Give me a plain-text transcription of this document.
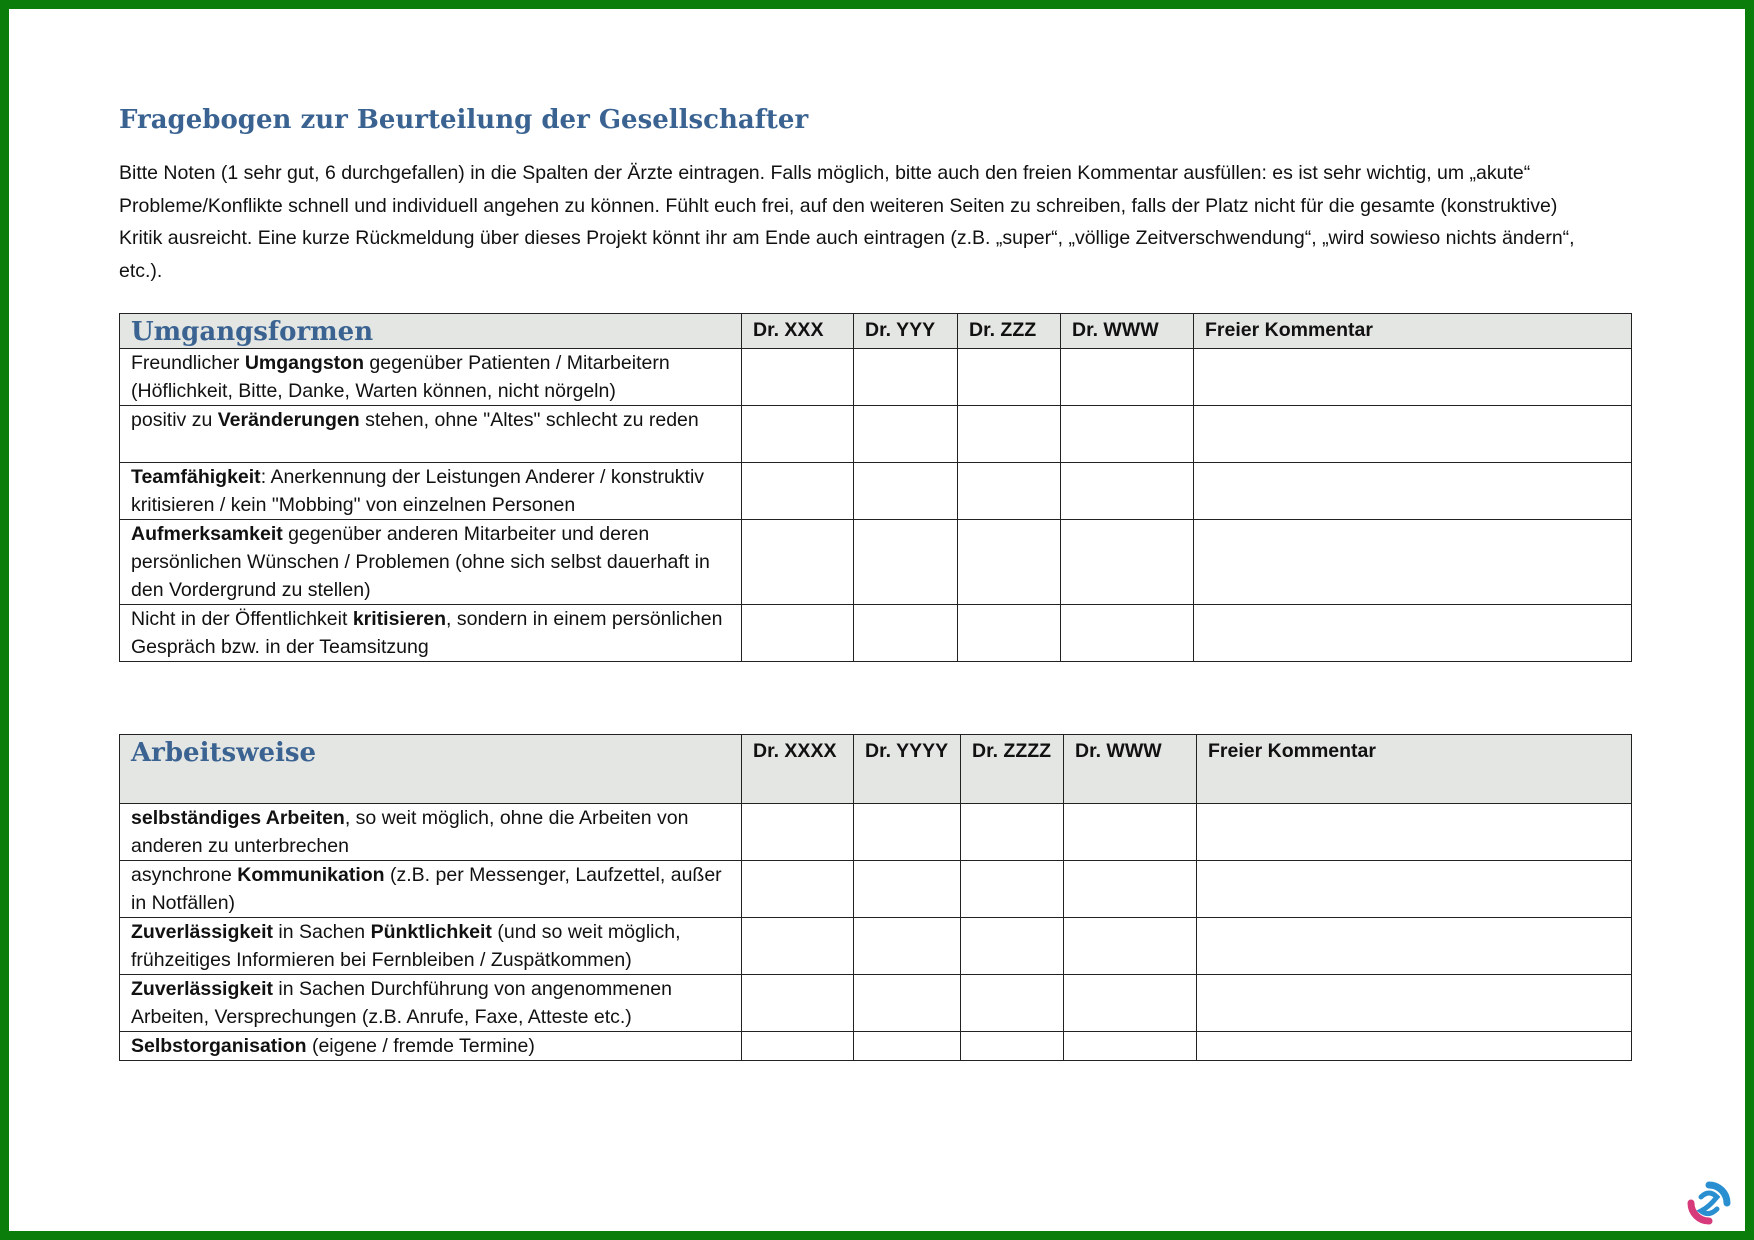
Fragebogen zur Beurteilung der Gesellschafter

Bitte Noten (1 sehr gut, 6 durchgefallen) in die Spalten der Ärzte eintragen. Falls möglich, bitte auch den freien Kommentar ausfüllen: es ist sehr wichtig, um „akute“ Probleme/Konflikte schnell und individuell angehen zu können. Fühlt euch frei, auf den weiteren Seiten zu schreiben, falls der Platz nicht für die gesamte (konstruktive) Kritik ausreicht. Eine kurze Rückmeldung über dieses Projekt könnt ihr am Ende auch eintragen (z.B. „super“, „völlige Zeitverschwendung“, „wird sowieso nichts ändern“, etc.).

Umgangsformen	Dr. XXX	Dr. YYY	Dr. ZZZ	Dr. WWW	Freier Kommentar
Freundlicher Umgangston gegenüber Patienten / Mitarbeitern (Höflichkeit, Bitte, Danke, Warten können, nicht nörgeln)					
positiv zu Veränderungen stehen, ohne "Altes" schlecht zu reden					
Teamfähigkeit: Anerkennung der Leistungen Anderer / konstruktiv kritisieren / kein "Mobbing" von einzelnen Personen					
Aufmerksamkeit gegenüber anderen Mitarbeiter und deren persönlichen Wünschen / Problemen (ohne sich selbst dauerhaft in den Vordergrund zu stellen)					
Nicht in der Öffentlichkeit kritisieren, sondern in einem persönlichen Gespräch bzw. in der Teamsitzung					
Arbeitsweise	Dr. XXXX	Dr. YYYY	Dr. ZZZZ	Dr. WWW	Freier Kommentar
selbständiges Arbeiten, so weit möglich, ohne die Arbeiten von anderen zu unterbrechen					
asynchrone Kommunikation (z.B. per Messenger, Laufzettel, außer in Notfällen)					
Zuverlässigkeit in Sachen Pünktlichkeit (und so weit möglich, frühzeitiges Informieren bei Fernbleiben / Zuspätkommen)					
Zuverlässigkeit in Sachen Durchführung von angenommenen Arbeiten, Versprechungen (z.B. Anrufe, Faxe, Atteste etc.)					
Selbstorganisation (eigene / fremde Termine)					
